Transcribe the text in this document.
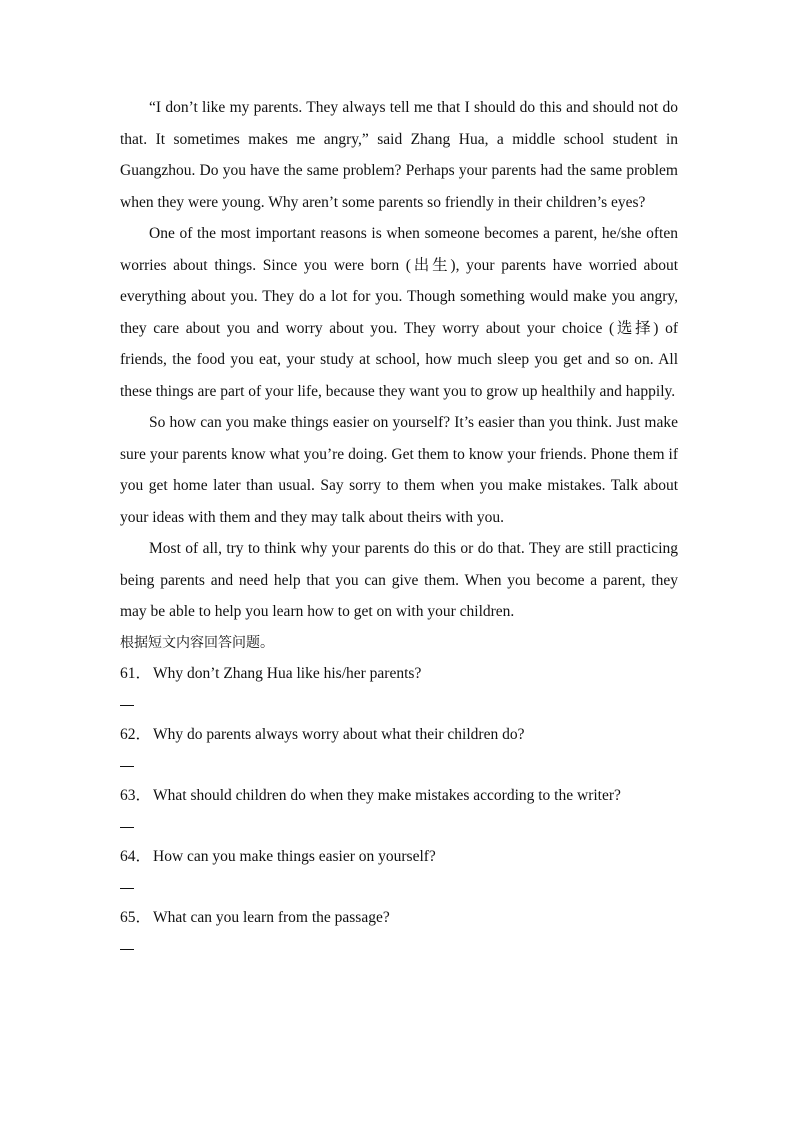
“I don’t like my parents. They always tell me that I should do this and should not do that. It sometimes makes me angry,” said Zhang Hua, a middle school student in Guangzhou. Do you have the same problem? Perhaps your parents had the same problem when they were young. Why aren’t some parents so friendly in their children’s eyes?

One of the most important reasons is when someone becomes a parent, he/she often worries about things. Since you were born (出生), your parents have worried about everything about you. They do a lot for you. Though something would make you angry, they care about you and worry about you. They worry about your choice (选择) of friends, the food you eat, your study at school, how much sleep you get and so on. All these things are part of your life, because they want you to grow up healthily and happily.

So how can you make things easier on yourself? It’s easier than you think. Just make sure your parents know what you’re doing. Get them to know your friends. Phone them if you get home later than usual. Say sorry to them when you make mistakes. Talk about your ideas with them and they may talk about theirs with you.

Most of all, try to think why your parents do this or do that. They are still practicing being parents and need help that you can give them. When you become a parent, they may be able to help you learn how to get on with your children.

根据短文内容回答问题。

61． Why don’t Zhang Hua like his/her parents?

62． Why do parents always worry about what their children do?

63． What should children do when they make mistakes according to the writer?

64． How can you make things easier on yourself?

65． What can you learn from the passage?
